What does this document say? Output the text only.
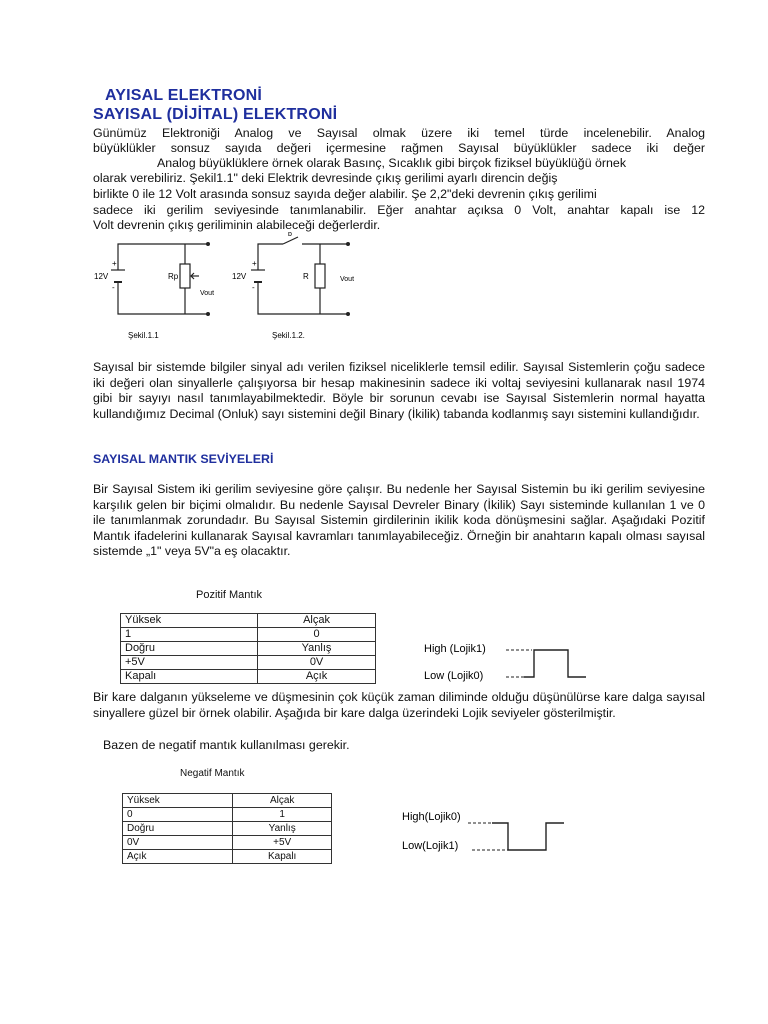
AYISAL ELEKTRONİ
SAYISAL (DİJİTAL) ELEKTRONİ
Günümüz Elektroniği Analog ve Sayısal olmak üzere iki temel türde incelenebilir. Analog
büyüklükler sonsuz sayıda değeri içermesine rağmen Sayısal büyüklükler sadece iki değer
Analog büyüklüklere örnek olarak Basınç, Sıcaklık gibi birçok fiziksel büyüklüğü örnek
olarak verebiliriz. Şekil1.1" deki Elektrik devresinde çıkış gerilimi ayarlı direncin değiş
birlikte 0 ile 12 Volt arasında sonsuz sayıda değer alabilir. Şe 2,2"deki devrenin çıkış gerilimi
sadece iki gerilim seviyesinde tanımlanabilir. Eğer anahtar açıksa 0 Volt, anahtar kapalı ise 12
Volt devrenin çıkış geriliminin alabileceği değerlerdir.
12V
+
-
Rp
Vout
Şekil.1.1
12V
+
-
b
R	Vout
Şekil.1.2.
Sayısal bir sistemde bilgiler sinyal adı verilen fiziksel niceliklerle temsil edilir. Sayısal Sistemlerin çoğu sadece iki değeri olan sinyallerle çalışıyorsa bir hesap makinesinin sadece iki voltaj seviyesini kullanarak nasıl 1974 gibi bir sayıyı nasıl tanımlayabilmektedir. Böyle bir sorunun cevabı ise Sayısal Sistemlerin normal hayatta kullandığımız Decimal (Onluk) sayı sistemini değil Binary (İkilik) tabanda kodlanmış sayı sistemini kullandığıdır.
SAYISAL MANTIK SEVİYELERİ
Bir Sayısal Sistem iki gerilim seviyesine göre çalışır. Bu nedenle her Sayısal Sistemin bu iki gerilim seviyesine karşılık gelen bir biçimi olmalıdır. Bu nedenle Sayısal Devreler Binary (İkilik) Sayı sisteminde kullanılan 1 ve 0 ile tanımlanmak zorundadır. Bu Sayısal Sistemin girdilerinin ikilik koda dönüşmesini sağlar. Aşağıdaki Pozitif Mantık ifadelerini kullanarak Sayısal kavramları tanımlayabileceğiz. Örneğin bir anahtarın kapalı olması sayısal sistemde „1" veya 5V"a eş olacaktır.
Pozitif Mantık
Yüksek	Alçak
1	0
Doğru	Yanlış
+5V	0V
Kapalı	Açık
High (Lojik1)
Low (Lojik0)
Bir kare dalganın yükseleme ve düşmesinin çok küçük zaman diliminde olduğu düşünülürse kare dalga sayısal sinyallere güzel bir örnek olabilir. Aşağıda bir kare dalga üzerindeki Lojik seviyeler gösterilmiştir.
Bazen de negatif mantık kullanılması gerekir.
Negatif Mantık
Yüksek	Alçak
0	1
Doğru	Yanlış
0V	+5V
Açık	Kapalı
High(Lojik0)
Low(Lojik1)
